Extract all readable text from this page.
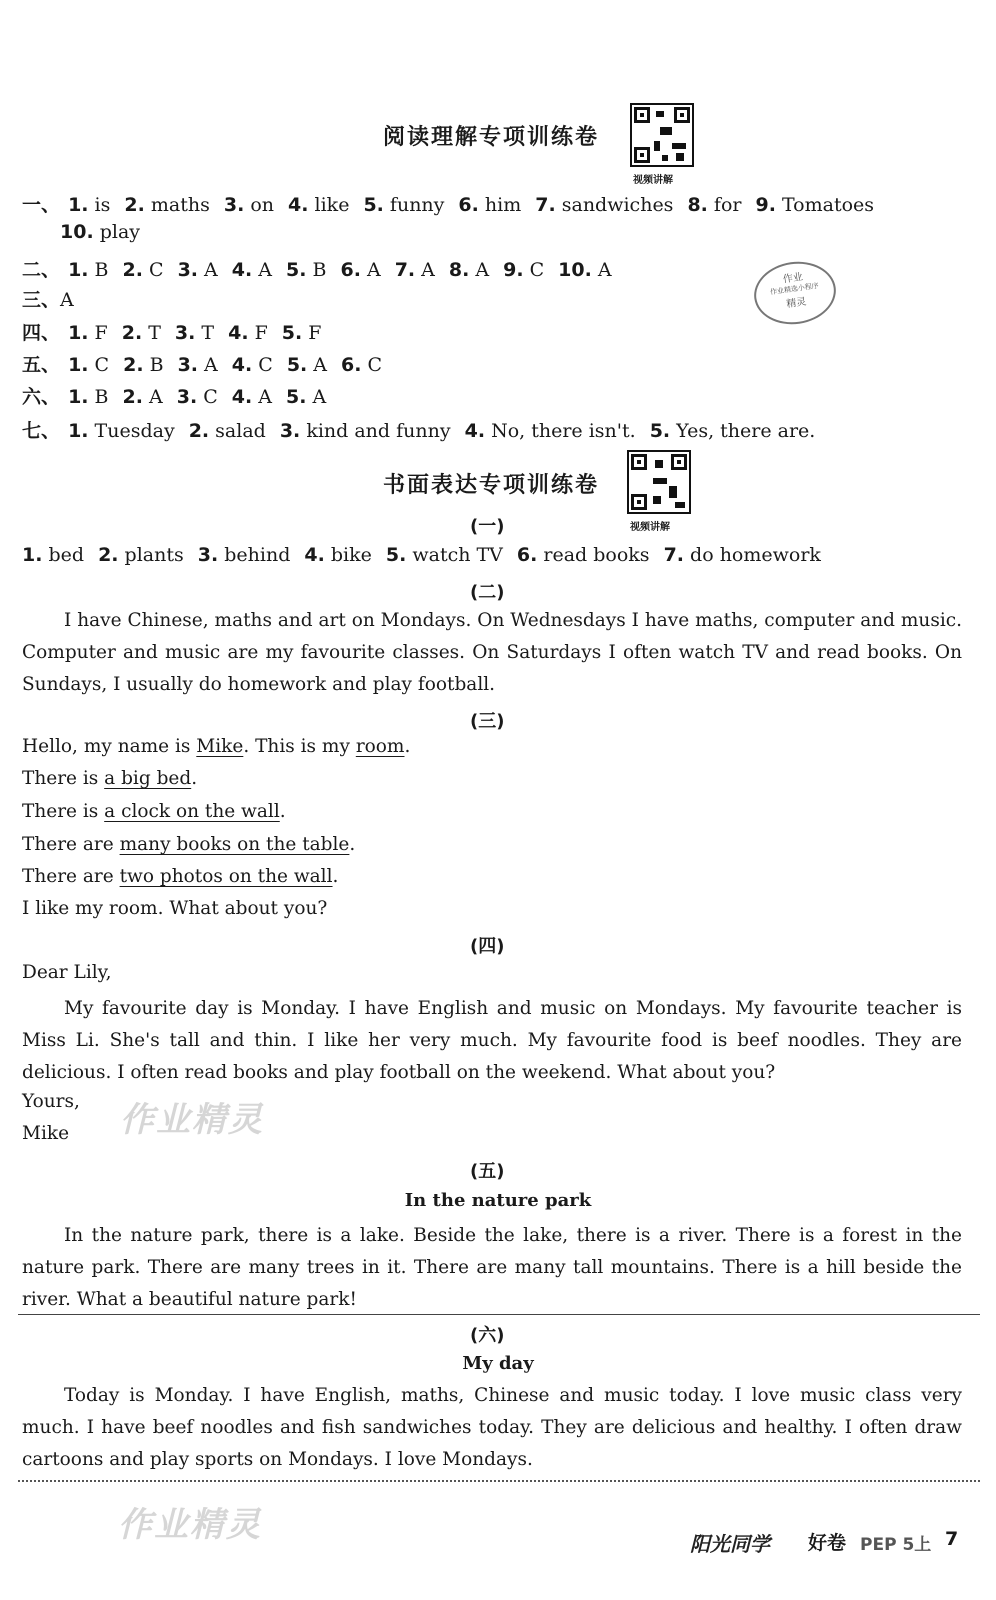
阅读理解专项训练卷
视频讲解
一、 1. is 2. maths 3. on 4. like 5. funny 6. him 7. sandwiches 8. for 9. Tomatoes
10. play
二、 1. B 2. C 3. A 4. A 5. B 6. A 7. A 8. A 9. C 10. A
三、A
四、 1. F 2. T 3. T 4. F 5. F
五、 1. C 2. B 3. A 4. C 5. A 6. C
六、 1. B 2. A 3. C 4. A 5. A
七、 1. Tuesday 2. salad 3. kind and funny 4. No, there isn't. 5. Yes, there are.
作业
作业精选小程序
精灵
书面表达专项训练卷
视频讲解
(一)
1. bed 2. plants 3. behind 4. bike 5. watch TV 6. read books 7. do homework
(二)

I have Chinese, maths and art on Mondays. On Wednesdays I have maths, computer and music. Computer and music are my favourite classes. On Saturdays I often watch TV and read books. On Sundays, I usually do homework and play football.

(三)
Hello, my name is Mike. This is my room.
There is a big bed.
There is a clock on the wall.
There are many books on the table.
There are two photos on the wall.
I like my room. What about you?
(四)
Dear Lily,

My favourite day is Monday. I have English and music on Mondays. My favourite teacher is Miss Li. She's tall and thin. I like her very much. My favourite food is beef noodles. They are delicious. I often read books and play football on the weekend. What about you?

Yours,
Mike 作业精灵
(五)
In the nature park

In the nature park, there is a lake. Beside the lake, there is a river. There is a forest in the nature park. There are many trees in it. There are many tall mountains. There is a hill beside the river. What a beautiful nature park!

(六)
My day

Today is Monday. I have English, maths, Chinese and music today. I love music class very much. I have beef noodles and fish sandwiches today. They are delicious and healthy. I often draw cartoons and play sports on Mondays. I love Mondays.

作业精灵	阳光同学 好卷 PEP 5上 7
